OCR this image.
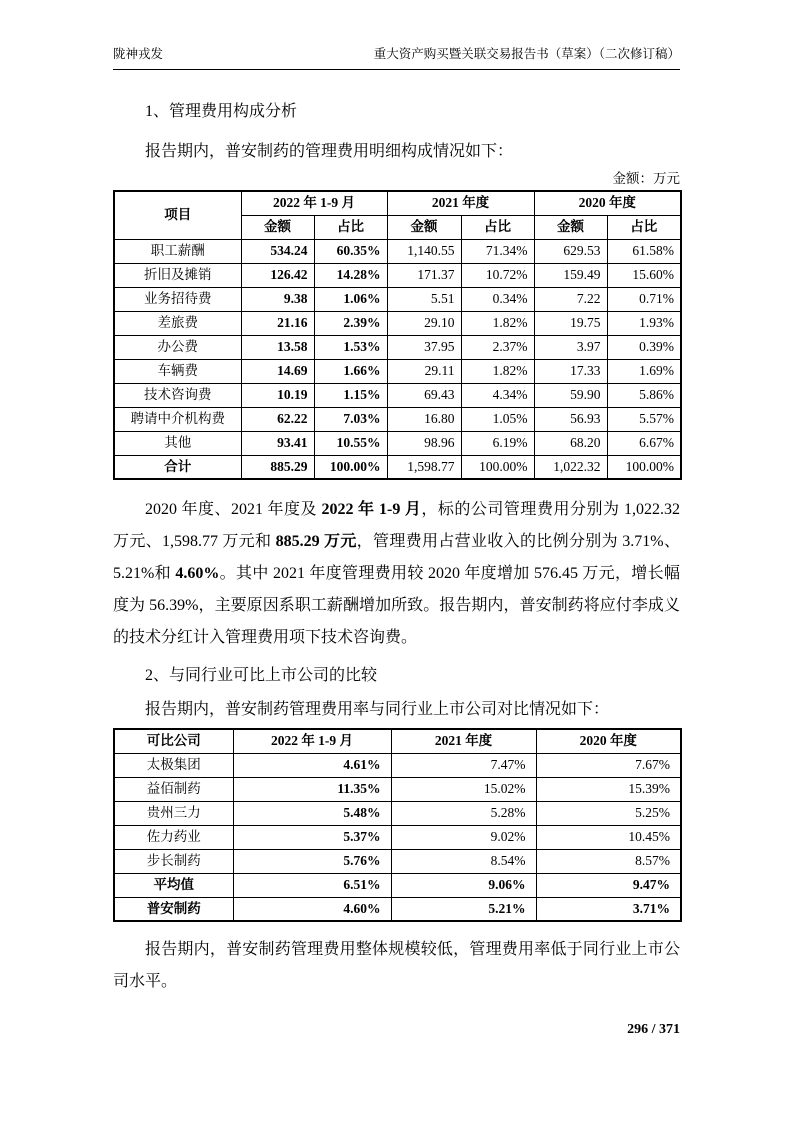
陇神戎发	重大资产购买暨关联交易报告书（草案）（二次修订稿）

1、管理费用构成分析

报告期内，普安制药的管理费用明细构成情况如下：

金额：万元
项目	2022 年 1-9 月		2021 年度		2020 年度	
	金额	占比	金额	占比	金额	占比
职工薪酬	534.24	60.35%	1,140.55	71.34%	629.53	61.58%
折旧及摊销	126.42	14.28%	171.37	10.72%	159.49	15.60%
业务招待费	9.38	1.06%	5.51	0.34%	7.22	0.71%
差旅费	21.16	2.39%	29.10	1.82%	19.75	1.93%
办公费	13.58	1.53%	37.95	2.37%	3.97	0.39%
车辆费	14.69	1.66%	29.11	1.82%	17.33	1.69%
技术咨询费	10.19	1.15%	69.43	4.34%	59.90	5.86%
聘请中介机构费	62.22	7.03%	16.80	1.05%	56.93	5.57%
其他	93.41	10.55%	98.96	6.19%	68.20	6.67%
合计	885.29	100.00%	1,598.77	100.00%	1,022.32	100.00%

2020 年度、2021 年度及 2022 年 1-9 月，标的公司管理费用分别为 1,022.32 万元、1,598.77 万元和 885.29 万元，管理费用占营业收入的比例分别为 3.71%、5.21%和 4.60%。其中 2021 年度管理费用较 2020 年度增加 576.45 万元，增长幅度为 56.39%，主要原因系职工薪酬增加所致。报告期内，普安制药将应付李成义的技术分红计入管理费用项下技术咨询费。

2、与同行业可比上市公司的比较

报告期内，普安制药管理费用率与同行业上市公司对比情况如下：

可比公司	2022 年 1-9 月	2021 年度	2020 年度
太极集团	4.61%	7.47%	7.67%
益佰制药	11.35%	15.02%	15.39%
贵州三力	5.48%	5.28%	5.25%
佐力药业	5.37%	9.02%	10.45%
步长制药	5.76%	8.54%	8.57%
平均值	6.51%	9.06%	9.47%
普安制药	4.60%	5.21%	3.71%

报告期内，普安制药管理费用整体规模较低，管理费用率低于同行业上市公司水平。

296 / 371
